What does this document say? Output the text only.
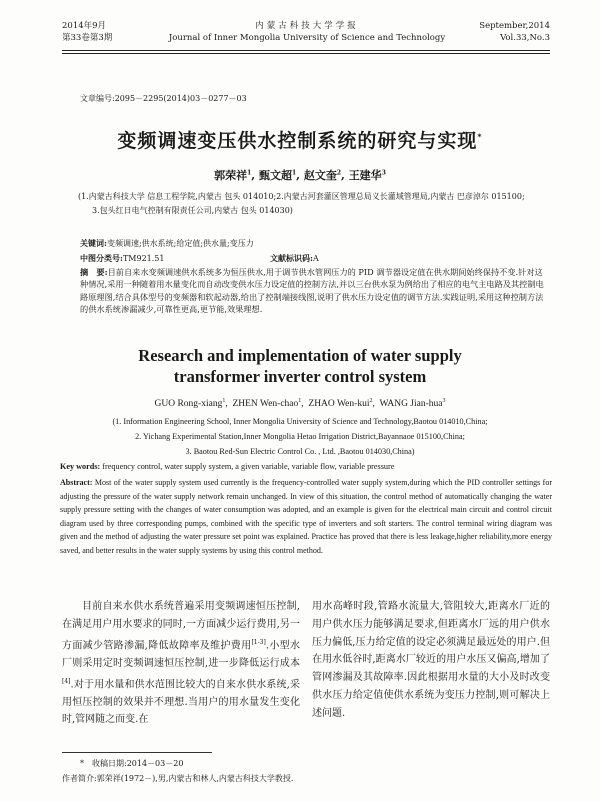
2014年9月
第33卷第3期
内蒙古科技大学学报
Journal of Inner Mongolia University of Science and Technology
September,2014
Vol.33,No.3
文章编号:2095－2295(2014)03－0277－03
变频调速变压供水控制系统的研究与实现*
郭荣祥$^1$, 甄文超$^1$, 赵文奎$^2$, 王建华$^3$
(1.内蒙古科技大学 信息工程学院,内蒙古 包头 014010;2.内蒙古河套灌区管理总局义长灌域管理局,内蒙古 巴彦淖尔 015100;
3.包头红日电气控制有限责任公司,内蒙古 包头 014030)
关键词:变频调速;供水系统;给定值;供水量;变压力
中图分类号:TM921.51	文献标识码:A
摘　要:目前自来水变频调速供水系统多为恒压供水,用于调节供水管网压力的 PID 调节器设定值在供水期间始终保持不变.针对这种情况,采用一种随着用水量变化而自动改变供水压力设定值的控制方法,并以三台供水泵为例给出了相应的电气主电路及其控制电路原理图,结合具体型号的变频器和软起动器,给出了控制端接线图,说明了供水压力设定值的调节方法.实践证明,采用这种控制方法的供水系统渗漏减少,可靠性更高,更节能,效果理想.
Research and implementation of water supply
transformer inverter control system
GUO Rong-xiang$^1$,  ZHEN Wen-chao$^1$,  ZHAO Wen-kui$^2$,  WANG Jian-hua$^3$
(1. Information Engineering School, Inner Mongolia University of Science and Technology,Baotou 014010,China;
2. Yichang Experimental Station,Inner Mongolia Hetao Irrigation District,Bayannaoe 015100,China;
3. Baotou Red-Sun Electric Control Co. , Ltd. ,Baotou 014030,China)
Key words: frequency control, water supply system, a given variable, variable flow, variable pressure
Abstract: Most of the water supply system used currently is the frequency-controlled water supply system,during which the PID controller settings for adjusting the pressure of the water supply network remain unchanged. In view of this situation, the control method of automatically changing the water supply pressure setting with the changes of water consumption was adopted, and an example is given for the electrical main circuit and control circuit diagram used by three corresponding pumps, combined with the specific type of inverters and soft starters. The control terminal wiring diagram was given and the method of adjusting the water pressure set point was explained. Practice has proved that there is less leakage,higher reliability,more energy saved, and better results in the water supply systems by using this control method.
目前自来水供水系统普遍采用变频调速恒压控制,在满足用户用水要求的同时,一方面减少运行费用,另一方面减少管路渗漏,降低故障率及维护费用[1-3].小型水厂则采用定时变频调速恒压控制,进一步降低运行成本[4].对于用水量和供水范围比较大的自来水供水系统,采用恒压控制的效果并不理想.当用户的用水量发生变化时,管网随之而变.在
用水高峰时段,管路水流量大,管阻较大,距离水厂近的用户供水压力能够满足要求,但距离水厂远的用户供水压力偏低,压力给定值的设定必须满足最远处的用户.但在用水低谷时,距离水厂较近的用户水压又偏高,增加了管网渗漏及其故障率.因此根据用水量的大小及时改变供水压力给定值使供水系统为变压力控制,则可解决上述问题.
*　收稿日期:2014－03－20
作者简介:郭荣祥(1972－),男,内蒙古和林人,内蒙古科技大学教授.
